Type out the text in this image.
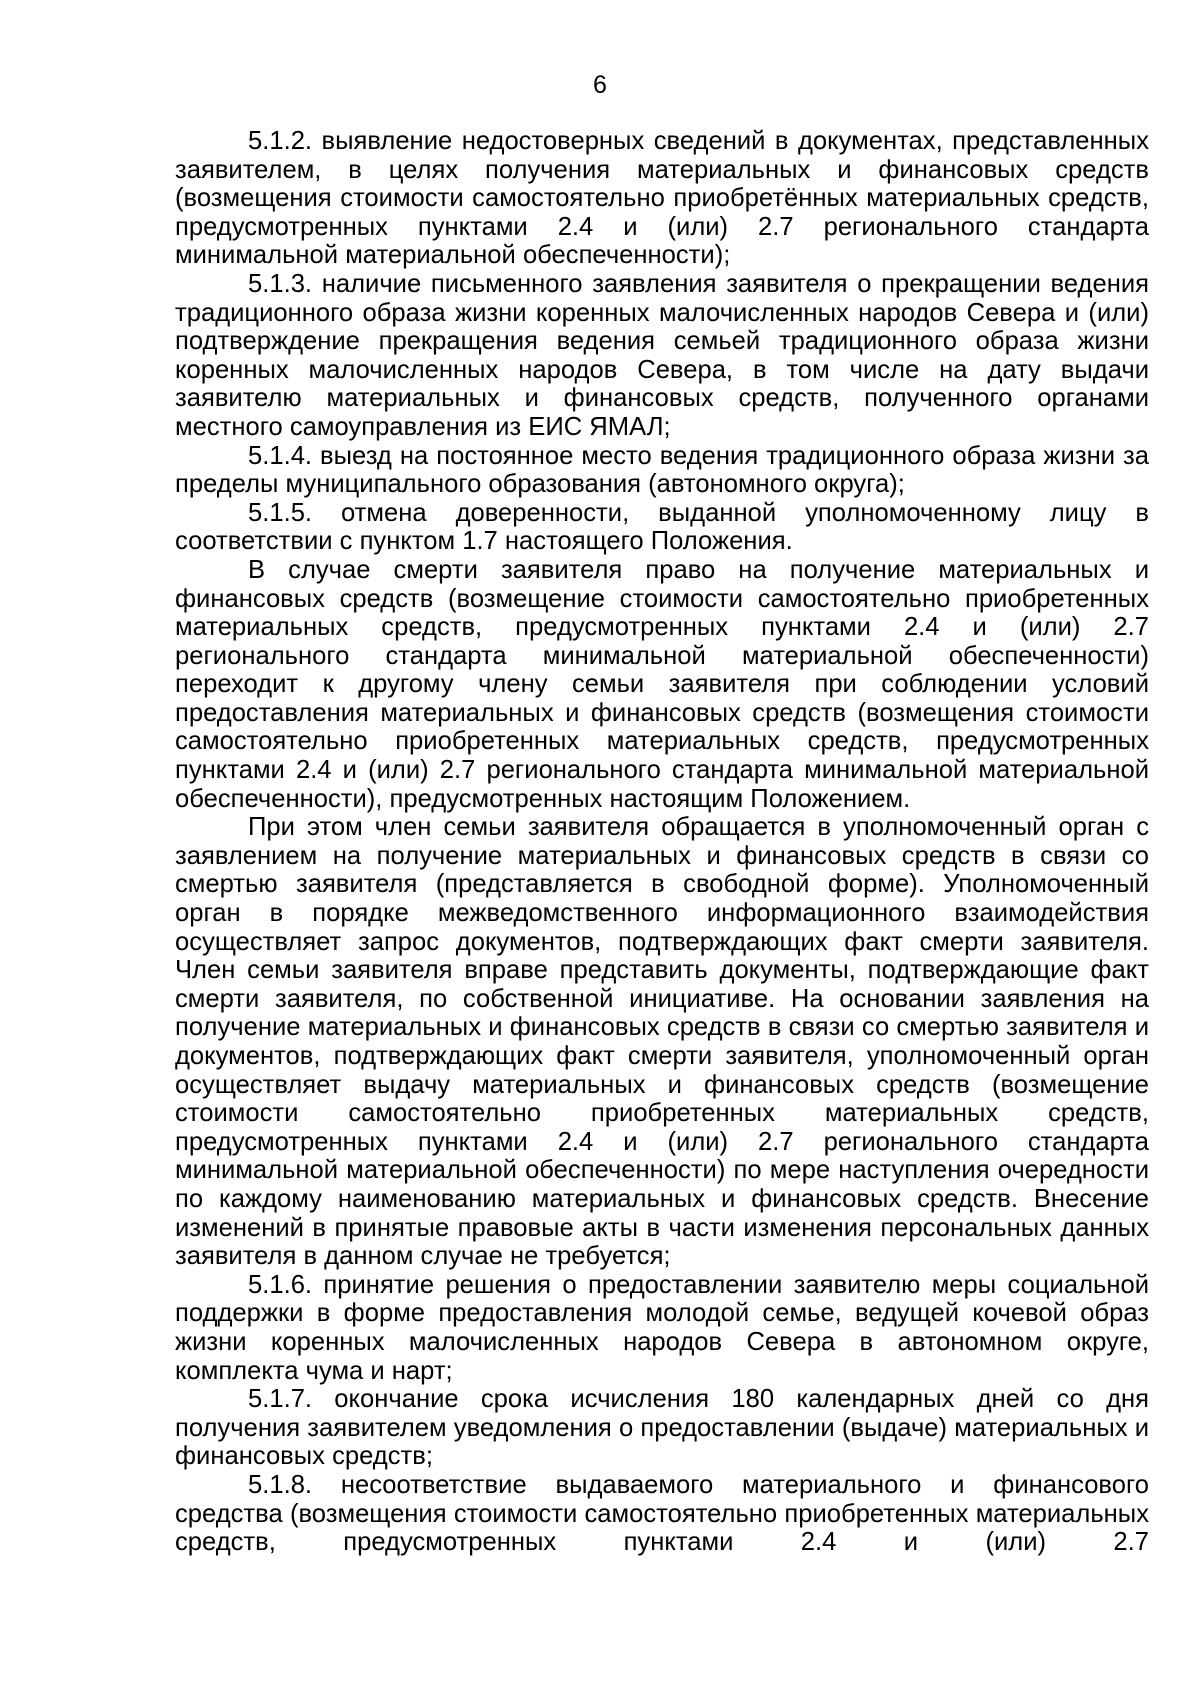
6

5.1.2. выявление недостоверных сведений в документах, представленных заявителем, в целях получения материальных и финансовых средств (возмещения стоимости самостоятельно приобретённых материальных средств, предусмотренных пунктами 2.4 и (или) 2.7 регионального стандарта минимальной материальной обеспеченности);

5.1.3. наличие письменного заявления заявителя о прекращении ведения традиционного образа жизни коренных малочисленных народов Севера и (или) подтверждение прекращения ведения семьей традиционного образа жизни коренных малочисленных народов Севера, в том числе на дату выдачи заявителю материальных и финансовых средств, полученного органами местного самоуправления из ЕИС ЯМАЛ;

5.1.4. выезд на постоянное место ведения традиционного образа жизни за пределы муниципального образования (автономного округа);

5.1.5. отмена доверенности, выданной уполномоченному лицу в соответствии с пунктом 1.7 настоящего Положения.

В случае смерти заявителя право на получение материальных и финансовых средств (возмещение стоимости самостоятельно приобретенных материальных средств, предусмотренных пунктами 2.4 и (или) 2.7 регионального стандарта минимальной материальной обеспеченности) переходит к другому члену семьи заявителя при соблюдении условий предоставления материальных и финансовых средств (возмещения стоимости самостоятельно приобретенных материальных средств, предусмотренных пунктами 2.4 и (или) 2.7 регионального стандарта минимальной материальной обеспеченности), предусмотренных настоящим Положением.

При этом член семьи заявителя обращается в уполномоченный орган с заявлением на получение материальных и финансовых средств в связи со смертью заявителя (представляется в свободной форме). Уполномоченный орган в порядке межведомственного информационного взаимодействия осуществляет запрос документов, подтверждающих факт смерти заявителя. Член семьи заявителя вправе представить документы, подтверждающие факт смерти заявителя, по собственной инициативе. На основании заявления на получение материальных и финансовых средств в связи со смертью заявителя и документов, подтверждающих факт смерти заявителя, уполномоченный орган осуществляет выдачу материальных и финансовых средств (возмещение стоимости самостоятельно приобретенных материальных средств, предусмотренных пунктами 2.4 и (или) 2.7 регионального стандарта минимальной материальной обеспеченности) по мере наступления очередности по каждому наименованию материальных и финансовых средств. Внесение изменений в принятые правовые акты в части изменения персональных данных заявителя в данном случае не требуется;

5.1.6. принятие решения о предоставлении заявителю меры социальной поддержки в форме предоставления молодой семье, ведущей кочевой образ жизни коренных малочисленных народов Севера в автономном округе, комплекта чума и нарт;

5.1.7. окончание срока исчисления 180 календарных дней со дня получения заявителем уведомления о предоставлении (выдаче) материальных и финансовых средств;

5.1.8. несоответствие выдаваемого материального и финансового средства (возмещения стоимости самостоятельно приобретенных материальных средств, предусмотренных пунктами 2.4 и (или) 2.7
